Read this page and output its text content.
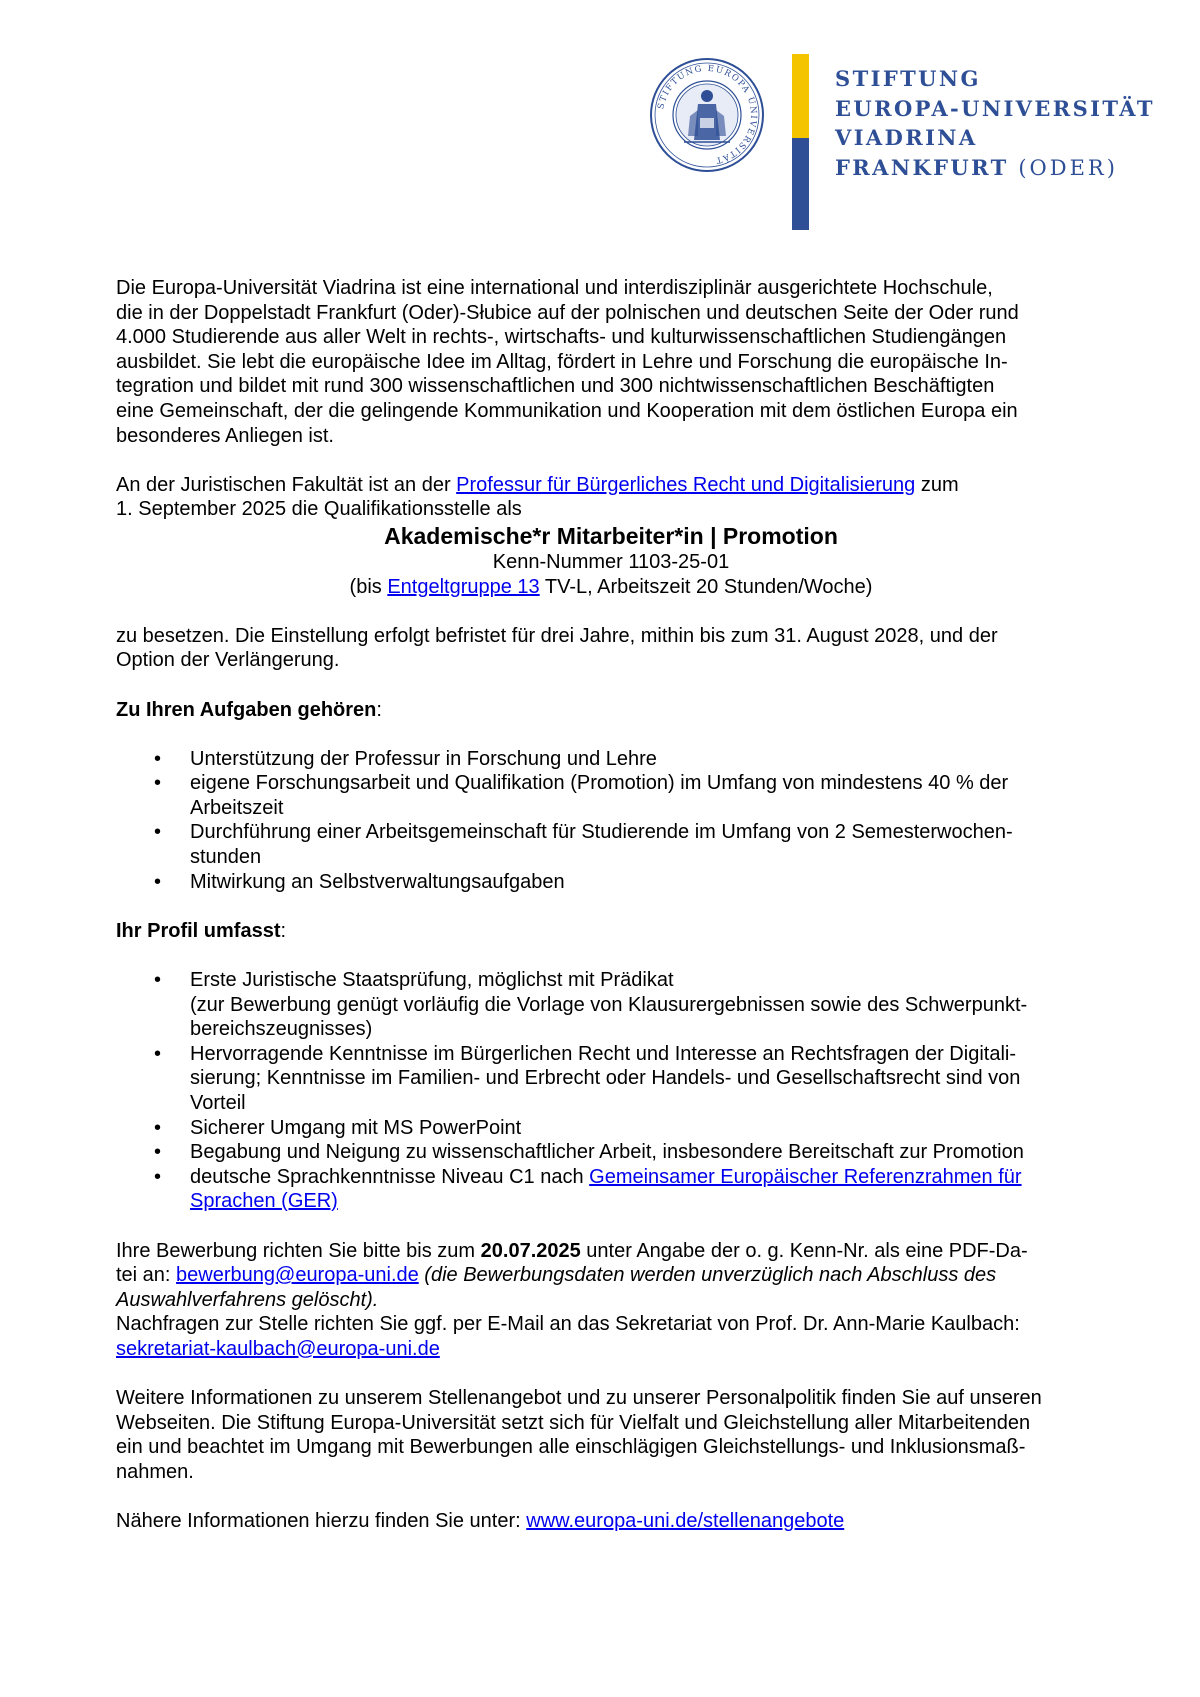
STIFTUNG EUROPA UNIVERSITÄT
STIFTUNG
EUROPA-UNIVERSITÄT
VIADRINA
FRANKFURT (ODER)

Die Europa-Universität Viadrina ist eine international und interdisziplinär ausgerichtete Hochschule,
die in der Doppelstadt Frankfurt (Oder)-Słubice auf der polnischen und deutschen Seite der Oder rund
4.000 Studierende aus aller Welt in rechts-, wirtschafts- und kulturwissenschaftlichen Studiengängen
ausbildet. Sie lebt die europäische Idee im Alltag, fördert in Lehre und Forschung die europäische In-
tegration und bildet mit rund 300 wissenschaftlichen und 300 nichtwissenschaftlichen Beschäftigten
eine Gemeinschaft, der die gelingende Kommunikation und Kooperation mit dem östlichen Europa ein
besonderes Anliegen ist.

An der Juristischen Fakultät ist an der Professur für Bürgerliches Recht und Digitalisierung zum
1. September 2025 die Qualifikationsstelle als

Akademische*r Mitarbeiter*in | Promotion

Kenn-Nummer 1103-25-01

(bis Entgeltgruppe 13 TV-L, Arbeitszeit 20 Stunden/Woche)

zu besetzen. Die Einstellung erfolgt befristet für drei Jahre, mithin bis zum 31. August 2028, und der
Option der Verlängerung.

Zu Ihren Aufgaben gehören:

• Unterstützung der Professur in Forschung und Lehre
• eigene Forschungsarbeit und Qualifikation (Promotion) im Umfang von mindestens 40 % der
Arbeitszeit
• Durchführung einer Arbeitsgemeinschaft für Studierende im Umfang von 2 Semesterwochen-
stunden
• Mitwirkung an Selbstverwaltungsaufgaben

Ihr Profil umfasst:

• Erste Juristische Staatsprüfung, möglichst mit Prädikat
(zur Bewerbung genügt vorläufig die Vorlage von Klausurergebnissen sowie des Schwerpunkt-
bereichszeugnisses)
• Hervorragende Kenntnisse im Bürgerlichen Recht und Interesse an Rechtsfragen der Digitali-
sierung; Kenntnisse im Familien- und Erbrecht oder Handels- und Gesellschaftsrecht sind von
Vorteil
• Sicherer Umgang mit MS PowerPoint
• Begabung und Neigung zu wissenschaftlicher Arbeit, insbesondere Bereitschaft zur Promotion
• deutsche Sprachkenntnisse Niveau C1 nach Gemeinsamer Europäischer Referenzrahmen für
Sprachen (GER)

Ihre Bewerbung richten Sie bitte bis zum 20.07.2025 unter Angabe der o. g. Kenn-Nr. als eine PDF-Da-
tei an: bewerbung@europa-uni.de (die Bewerbungsdaten werden unverzüglich nach Abschluss des
Auswahlverfahrens gelöscht).
Nachfragen zur Stelle richten Sie ggf. per E-Mail an das Sekretariat von Prof. Dr. Ann-Marie Kaulbach:
sekretariat-kaulbach@europa-uni.de

Weitere Informationen zu unserem Stellenangebot und zu unserer Personalpolitik finden Sie auf unseren
Webseiten. Die Stiftung Europa-Universität setzt sich für Vielfalt und Gleichstellung aller Mitarbeitenden
ein und beachtet im Umgang mit Bewerbungen alle einschlägigen Gleichstellungs- und Inklusionsmaß-
nahmen.

Nähere Informationen hierzu finden Sie unter: www.europa-uni.de/stellenangebote
